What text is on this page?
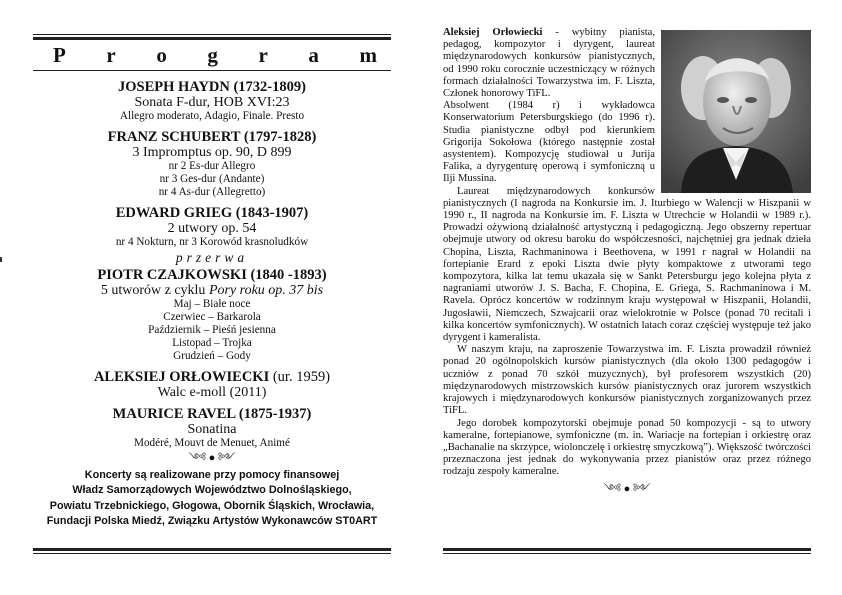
P r o g r a m
JOSEPH HAYDN (1732-1809)
Sonata F-dur, HOB XVI:23
Allegro moderato, Adagio, Finale. Presto
FRANZ SCHUBERT (1797-1828)
3 Impromptus op. 90, D 899
nr 2 Es-dur Allegro
nr 3 Ges-dur (Andante)
nr 4 As-dur (Allegretto)
EDWARD GRIEG (1843-1907)
2 utwory op. 54
nr 4 Nokturn, nr 3 Korowód krasnoludków
przerwa
PIOTR CZAJKOWSKI (1840 -1893)
5 utworów z cyklu Pory roku op. 37 bis
Maj – Białe noce
Czerwiec – Barkarola
Październik – Pieśń jesienna
Listopad – Trojka
Grudzień – Gody
ALEKSIEJ ORŁOWIECKI (ur. 1959)
Walc e-moll (2011)
MAURICE RAVEL (1875-1937)
Sonatina
Modéré, Mouvt de Menuet, Animé
༺ ● ༻
Koncerty są realizowane przy pomocy finansowej
Władz Samorządowych Województwo Dolnośląskiego,
Powiatu Trzebnickiego, Głogowa, Obornik Śląskich, Wrocławia,
Fundacji Polska Miedź, Związku Artystów Wykonawców ST0ART

Aleksiej Orłowiecki - wybitny pianista, pedagog, kompozytor i dyrygent, laureat międzynarodowych konkursów pianistycznych, od 1990 roku corocznie uczestniczący w różnych formach działalności Towarzystwa im. F. Liszta, Członek honorowy TiFL.

Absolwent (1984 r) i wykładowca Konserwatorium Petersburgskiego (do 1996 r). Studia pianistyczne odbył pod kierunkiem Grigorija Sokołowa (którego następnie został asystentem). Kompozycję studiował u Jurija Falika, a dyrygenturę operową i symfoniczną u Ilji Mussina.

Laureat międzynarodowych konkursów pianistycznych (I nagroda na Konkursie im. J. Iturbiego w Walencji w Hiszpanii w 1990 r., II nagroda na Konkursie im. F. Liszta w Utrechcie w Holandii w 1989 r.). Prowadzi ożywioną działalność artystyczną i pedagogiczną. Jego obszerny repertuar obejmuje utwory od okresu baroku do współczesności, najchętniej gra jednak dzieła Chopina, Liszta, Rachmaninowa i Beethovena, w 1991 r nagrał w Holandii na fortepianie Erard z epoki Liszta dwie płyty kompaktowe z utworami tego kompozytora, kilka lat temu ukazała się w Sankt Petersburgu jego kolejna płyta z nagraniami utworów J. S. Bacha, F. Chopina, E. Griega, S. Rachmaninowa i M. Ravela. Oprócz koncertów w rodzinnym kraju występował w Hiszpanii, Holandii, Jugosławii, Niemczech, Szwajcarii oraz wielokrotnie w Polsce (ponad 70 recitali i kilka koncertów symfonicznych). W ostatnich latach coraz częściej występuje też jako dyrygent i kameralista.

W naszym kraju, na zaproszenie Towarzystwa im. F. Liszta prowadził również ponad 20 ogólnopolskich kursów pianistycznych (dla około 1300 pedagogów i uczniów z ponad 70 szkół muzycznych), był profesorem wszystkich (20) międzynarodowych mistrzowskich kursów pianistycznych oraz jurorem wszystkich krajowych i międzynarodowych konkursów pianistycznych zorganizowanych przez TiFL.

Jego dorobek kompozytorski obejmuje ponad 50 kompozycji - są to utwory kameralne, fortepianowe, symfoniczne (m. in. Wariacje na fortepian i orkiestrę oraz „Bachanalie na skrzypce, wiolonczelę i orkiestrę smyczkową”). Większość twórczości przeznaczona jest jednak do wykonywania przez pianistów oraz przez różnego rodzaju zespoły kameralne.

༺ ● ༻
